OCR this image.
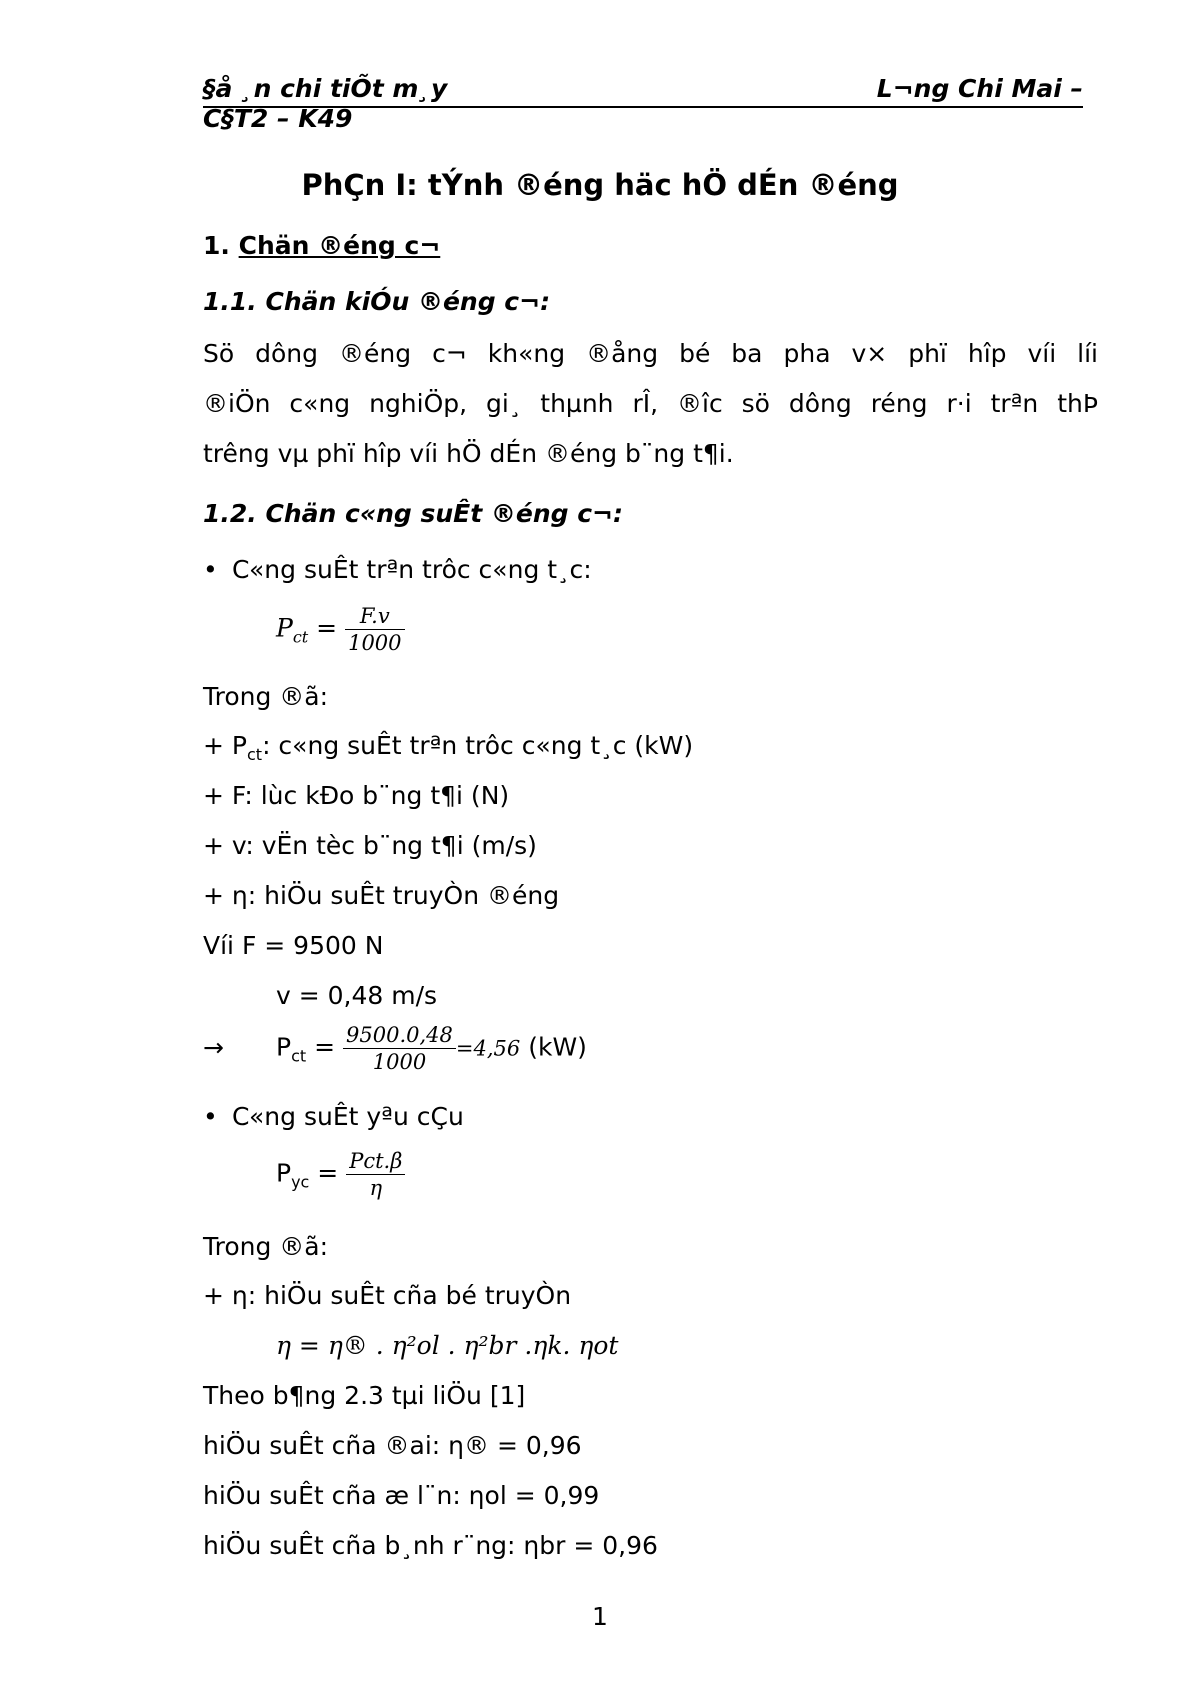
§å ¸n chi tiÕt m¸y	L¬ng Chi Mai –
C§T2 – K49
PhÇn I: tÝnh ®éng häc hÖ dÉn ®éng
1. Chän ®éng c¬
1.1. Chän kiÓu ®éng c¬:
Sö dông ®éng c¬ kh«ng ®ång bé ba pha v× phï hîp víi líi
®iÖn c«ng nghiÖp, gi¸ thµnh rÎ, ®îc sö dông réng r·i trªn thÞ
trêng vµ phï hîp víi hÖ dÉn ®éng b¨ng t¶i.
1.2. Chän c«ng suÊt ®éng c¬:
• C«ng suÊt trªn trôc c«ng t¸c:
$P_{ct} = \frac{F.v}{1000}$
Trong ®ã:
+ $P_{ct}$: c«ng suÊt trªn trôc c«ng t¸c (kW)
+ F: lùc kÐo b¨ng t¶i (N)
+ v: vËn tèc b¨ng t¶i (m/s)
+ η: hiÖu suÊt truyÒn ®éng
Víi F = 9500 N
v = 0,48 m/s
→ $P_{ct} = \frac{9500.0,48}{1000} =4,56$ (kW)
• C«ng suÊt yªu cÇu
$P_{yc} = \frac{\text{Pct.β}}{\eta}$
Trong ®ã:
+ η: hiÖu suÊt cña bé truyÒn
η = η® . η²ol . η²br .ηk. ηot
Theo b¶ng 2.3 tµi liÖu [1]
hiÖu suÊt cña ®ai: η® = 0,96
hiÖu suÊt cña æ l¨n: ηol = 0,99
hiÖu suÊt cña b¸nh r¨ng: ηbr = 0,96
1
